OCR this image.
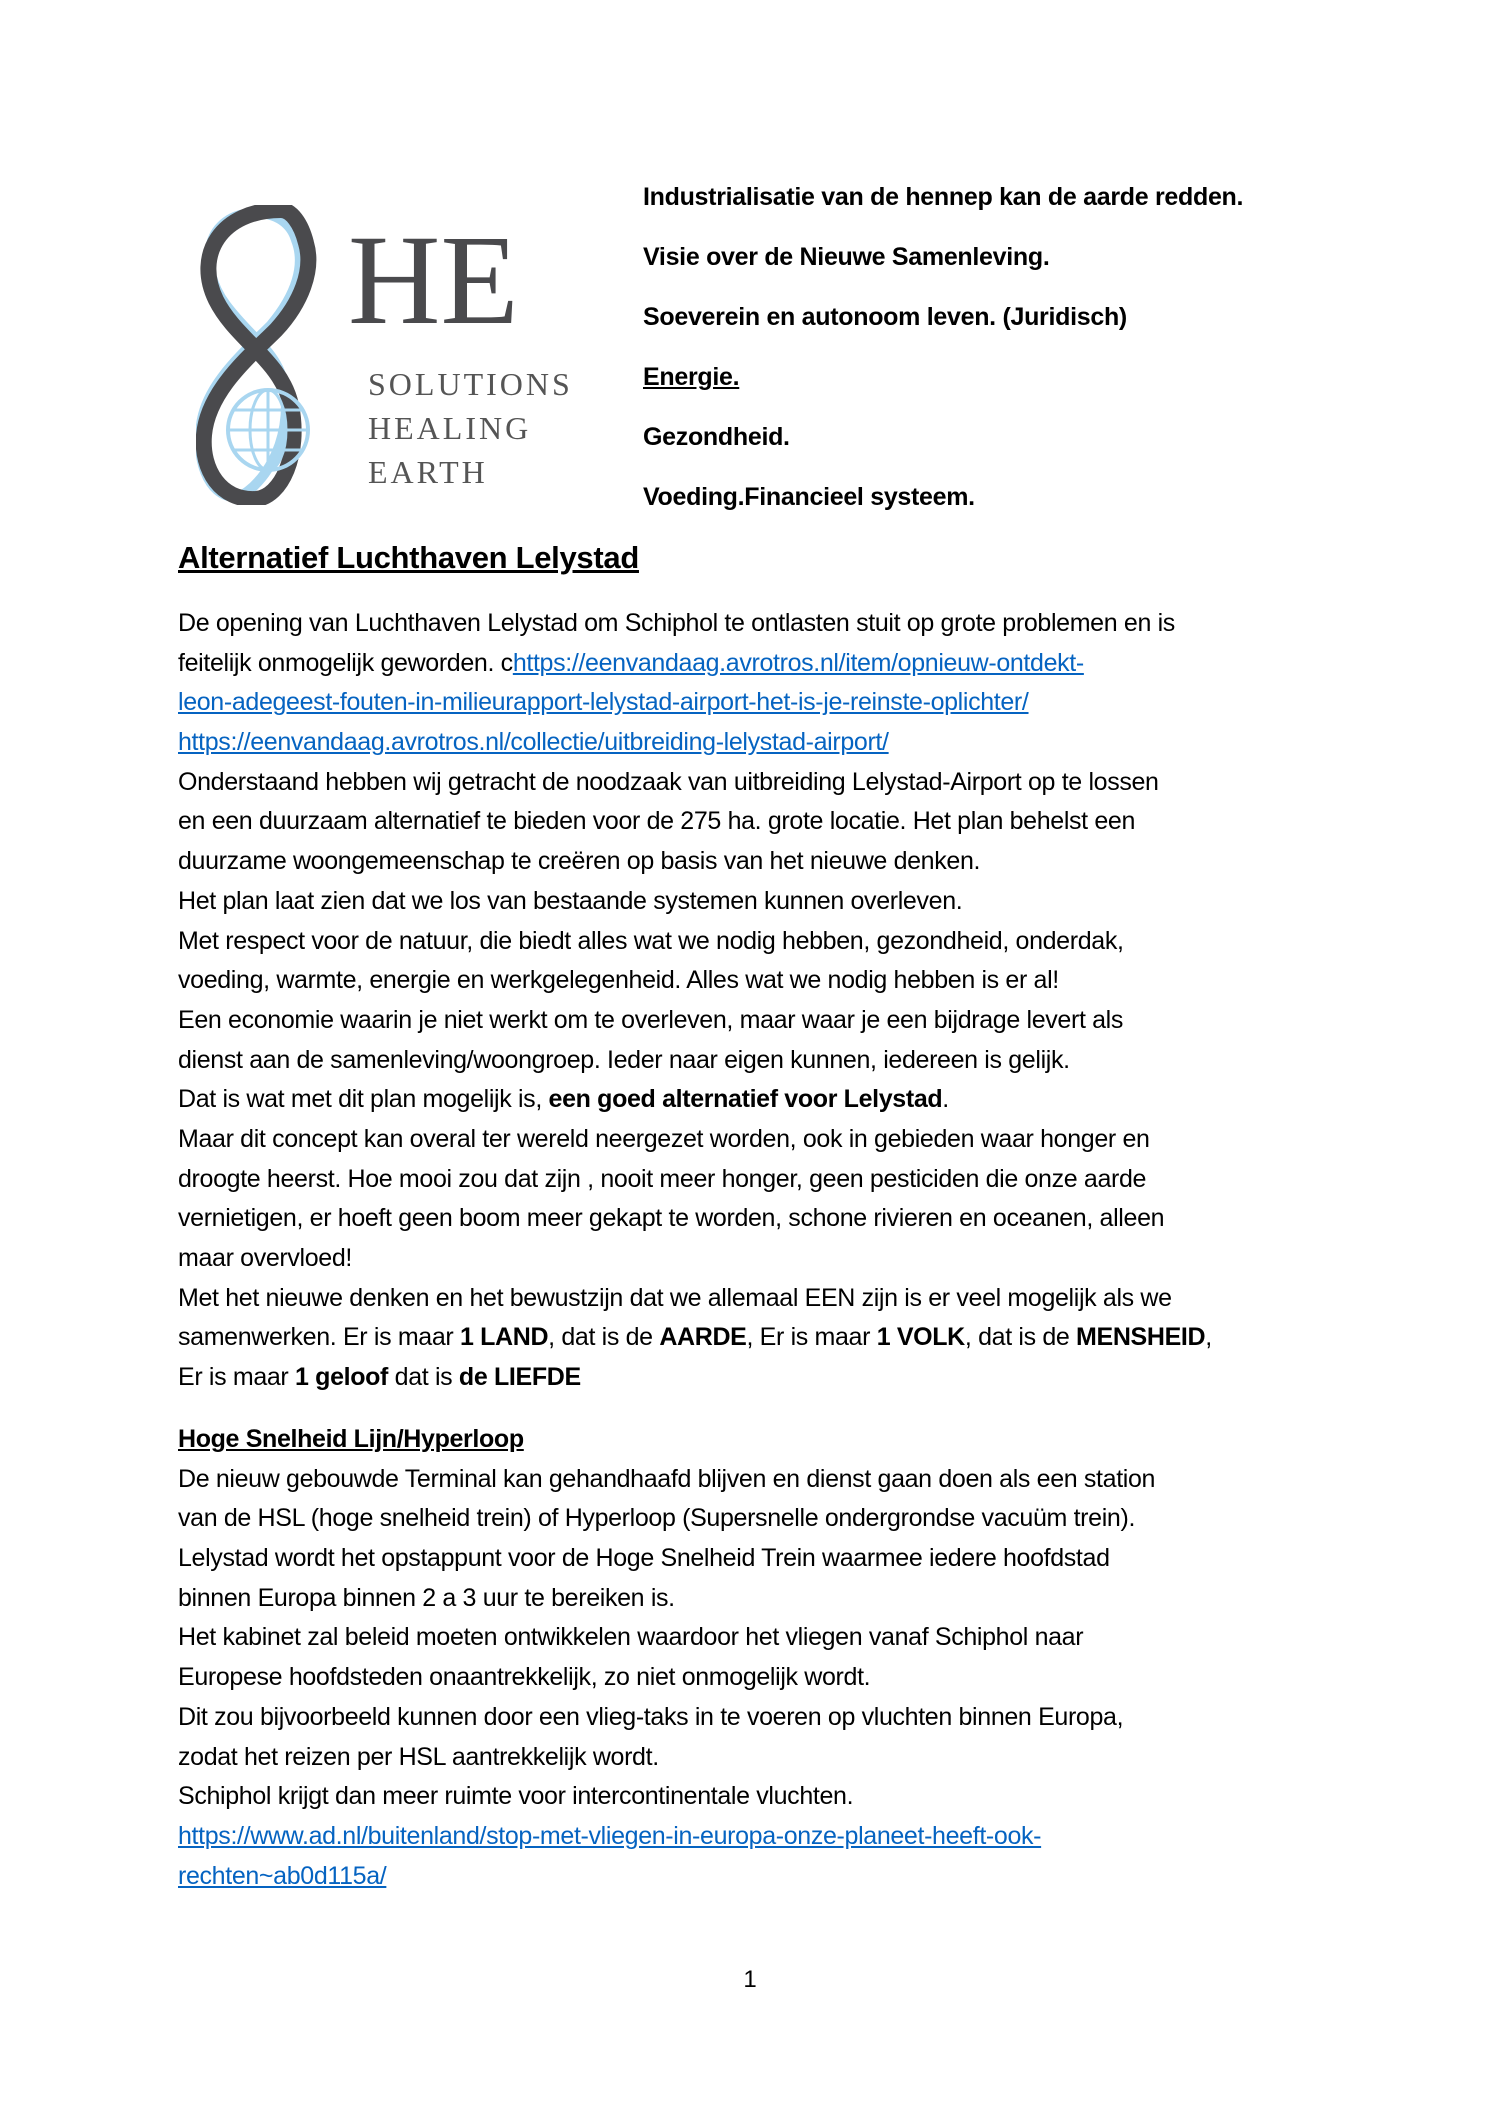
HE
SOLUTIONS
HEALING
EARTH
Industrialisatie van de hennep kan de aarde redden.
Visie over de Nieuwe Samenleving.
Soeverein en autonoom leven. (Juridisch)
Energie.
Gezondheid.
Voeding.Financieel systeem.
Alternatief Luchthaven Lelystad
De opening van Luchthaven Lelystad om Schiphol te ontlasten stuit op grote problemen en is
feitelijk onmogelijk geworden. chttps://eenvandaag.avrotros.nl/item/opnieuw-ontdekt-
leon-adegeest-fouten-in-milieurapport-lelystad-airport-het-is-je-reinste-oplichter/
https://eenvandaag.avrotros.nl/collectie/uitbreiding-lelystad-airport/
Onderstaand hebben wij getracht de noodzaak van uitbreiding Lelystad-Airport op te lossen
en een duurzaam alternatief te bieden voor de 275 ha. grote locatie. Het plan behelst een
duurzame woongemeenschap te creëren op basis van het nieuwe denken.
Het plan laat zien dat we los van bestaande systemen kunnen overleven.
Met respect voor de natuur, die biedt alles wat we nodig hebben, gezondheid, onderdak,
voeding, warmte, energie en werkgelegenheid. Alles wat we nodig hebben is er al!
Een economie waarin je niet werkt om te overleven, maar waar je een bijdrage levert als
dienst aan de samenleving/woongroep. Ieder naar eigen kunnen, iedereen is gelijk.
Dat is wat met dit plan mogelijk is, een goed alternatief voor Lelystad.
Maar dit concept kan overal ter wereld neergezet worden, ook in gebieden waar honger en
droogte heerst. Hoe mooi zou dat zijn , nooit meer honger, geen pesticiden die onze aarde
vernietigen, er hoeft geen boom meer gekapt te worden, schone rivieren en oceanen, alleen
maar overvloed!
Met het nieuwe denken en het bewustzijn dat we allemaal EEN zijn is er veel mogelijk als we
samenwerken. Er is maar 1 LAND, dat is de AARDE, Er is maar 1 VOLK, dat is de MENSHEID,
Er is maar 1 geloof dat is de LIEFDE
Hoge Snelheid Lijn/Hyperloop
De nieuw gebouwde Terminal kan gehandhaafd blijven en dienst gaan doen als een station
van de HSL (hoge snelheid trein) of Hyperloop (Supersnelle ondergrondse vacuüm trein).
Lelystad wordt het opstappunt voor de Hoge Snelheid Trein waarmee iedere hoofdstad
binnen Europa binnen 2 a 3 uur te bereiken is.
Het kabinet zal beleid moeten ontwikkelen waardoor het vliegen vanaf Schiphol naar
Europese hoofdsteden onaantrekkelijk, zo niet onmogelijk wordt.
Dit zou bijvoorbeeld kunnen door een vlieg-taks in te voeren op vluchten binnen Europa,
zodat het reizen per HSL aantrekkelijk wordt.
Schiphol krijgt dan meer ruimte voor intercontinentale vluchten.
https://www.ad.nl/buitenland/stop-met-vliegen-in-europa-onze-planeet-heeft-ook-
rechten~ab0d115a/
1
